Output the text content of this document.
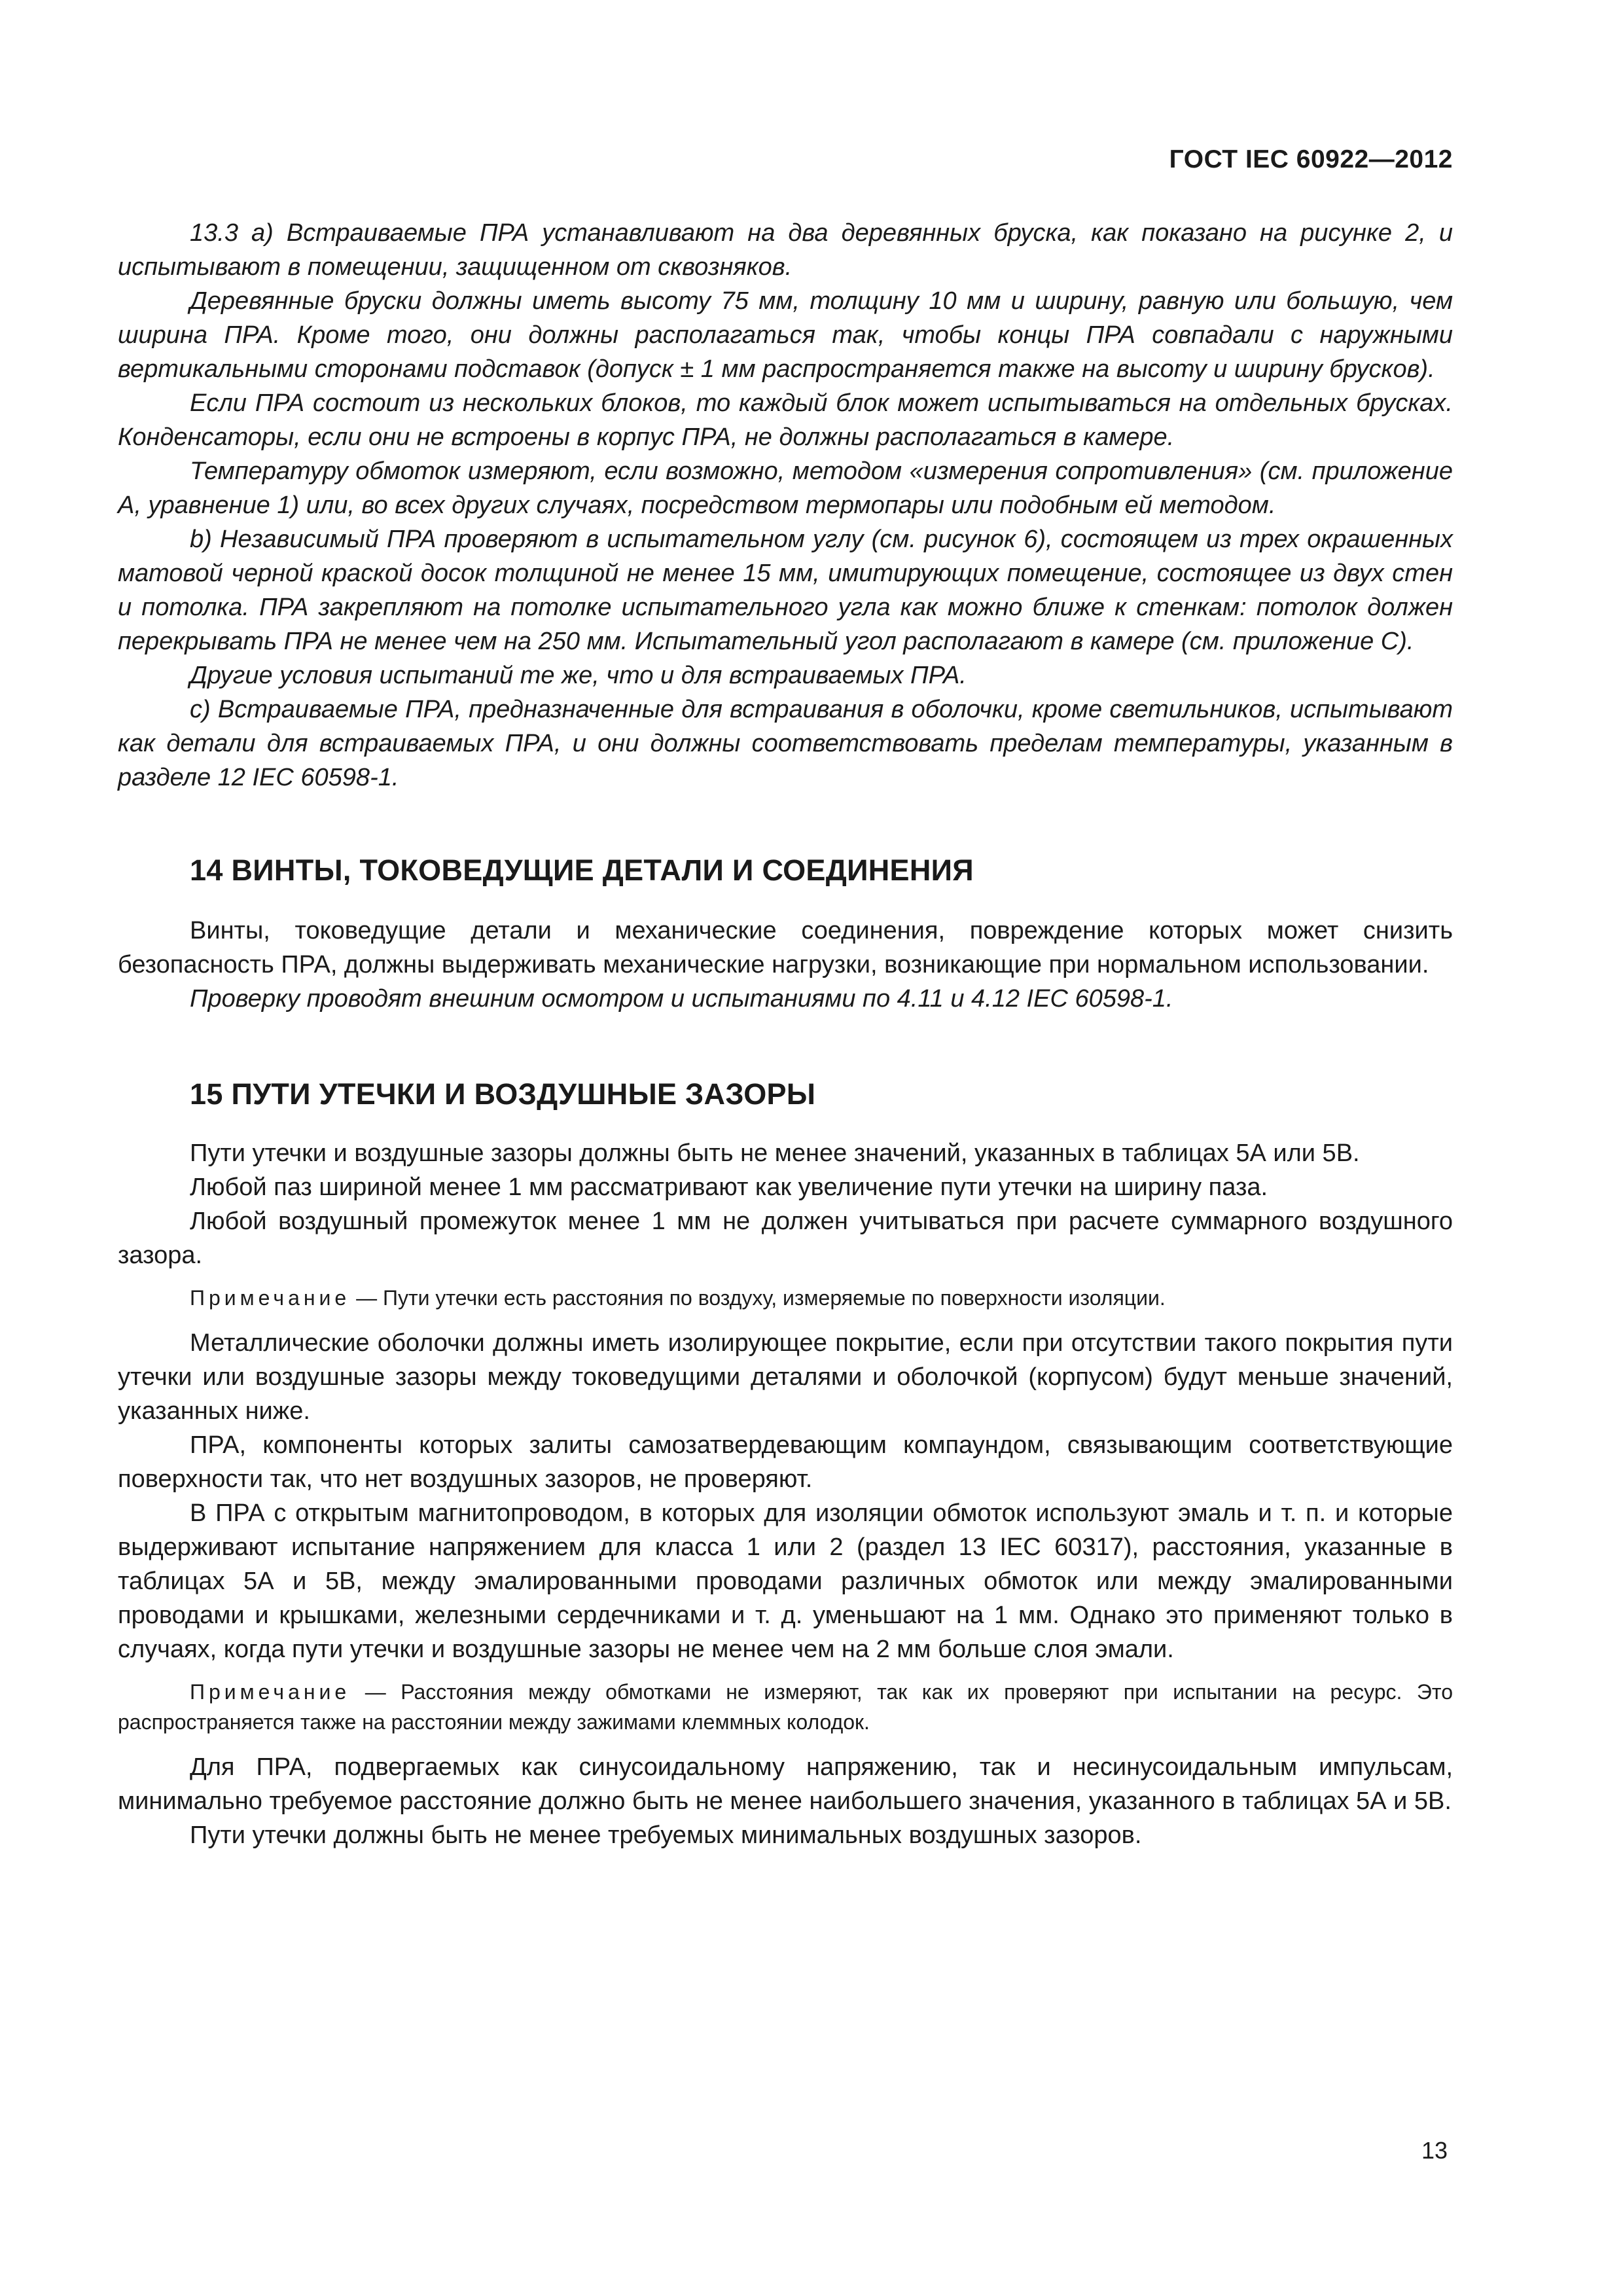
ГОСТ IEC 60922—2012

13.3 a) Встраиваемые ПРА устанавливают на два деревянных бруска, как показано на рисунке 2, и испытывают в помещении, защищенном от сквозняков.

Деревянные бруски должны иметь высоту 75 мм, толщину 10 мм и ширину, равную или большую, чем ширина ПРА. Кроме того, они должны располагаться так, чтобы концы ПРА совпадали с наружными вертикальными сторонами подставок (допуск ± 1 мм распространяется также на высоту и ширину брусков).

Если ПРА состоит из нескольких блоков, то каждый блок может испытываться на отдельных брусках. Конденсаторы, если они не встроены в корпус ПРА, не должны располагаться в камере.

Температуру обмоток измеряют, если возможно, методом «измерения сопротивления» (см. приложение А, уравнение 1) или, во всех других случаях, посредством термопары или подобным ей методом.

b) Независимый ПРА проверяют в испытательном углу (см. рисунок 6), состоящем из трех окрашенных матовой черной краской досок толщиной не менее 15 мм, имитирующих помещение, состоящее из двух стен и потолка. ПРА закрепляют на потолке испытательного угла как можно ближе к стенкам: потолок должен перекрывать ПРА не менее чем на 250 мм. Испытательный угол располагают в камере (см. приложение С).

Другие условия испытаний те же, что и для встраиваемых ПРА.

c) Встраиваемые ПРА, предназначенные для встраивания в оболочки, кроме светильников, испытывают как детали для встраиваемых ПРА, и они должны соответствовать пределам температуры, указанным в разделе 12 IEC 60598-1.

14 ВИНТЫ, ТОКОВЕДУЩИЕ ДЕТАЛИ И СОЕДИНЕНИЯ

Винты, токоведущие детали и механические соединения, повреждение которых может снизить безопасность ПРА, должны выдерживать механические нагрузки, возникающие при нормальном использовании.

Проверку проводят внешним осмотром и испытаниями по 4.11 и 4.12 IEC 60598-1.

15 ПУТИ УТЕЧКИ И ВОЗДУШНЫЕ ЗАЗОРЫ

Пути утечки и воздушные зазоры должны быть не менее значений, указанных в таблицах 5А или 5В.

Любой паз шириной менее 1 мм рассматривают как увеличение пути утечки на ширину паза.

Любой воздушный промежуток менее 1 мм не должен учитываться при расчете суммарного воздушного зазора.

Примечание — Пути утечки есть расстояния по воздуху, измеряемые по поверхности изоляции.

Металлические оболочки должны иметь изолирующее покрытие, если при отсутствии такого покрытия пути утечки или воздушные зазоры между токоведущими деталями и оболочкой (корпусом) будут меньше значений, указанных ниже.

ПРА, компоненты которых залиты самозатвердевающим компаундом, связывающим соответствующие поверхности так, что нет воздушных зазоров, не проверяют.

В ПРА с открытым магнитопроводом, в которых для изоляции обмоток используют эмаль и т. п. и которые выдерживают испытание напряжением для класса 1 или 2 (раздел 13 IEC 60317), расстояния, указанные в таблицах 5А и 5В, между эмалированными проводами различных обмоток или между эмалированными проводами и крышками, железными сердечниками и т. д. уменьшают на 1 мм. Однако это применяют только в случаях, когда пути утечки и воздушные зазоры не менее чем на 2 мм больше слоя эмали.

Примечание — Расстояния между обмотками не измеряют, так как их проверяют при испытании на ресурс. Это распространяется также на расстоянии между зажимами клеммных колодок.

Для ПРА, подвергаемых как синусоидальному напряжению, так и несинусоидальным импульсам, минимально требуемое расстояние должно быть не менее наибольшего значения, указанного в таблицах 5А и 5В.

Пути утечки должны быть не менее требуемых минимальных воздушных зазоров.

13
